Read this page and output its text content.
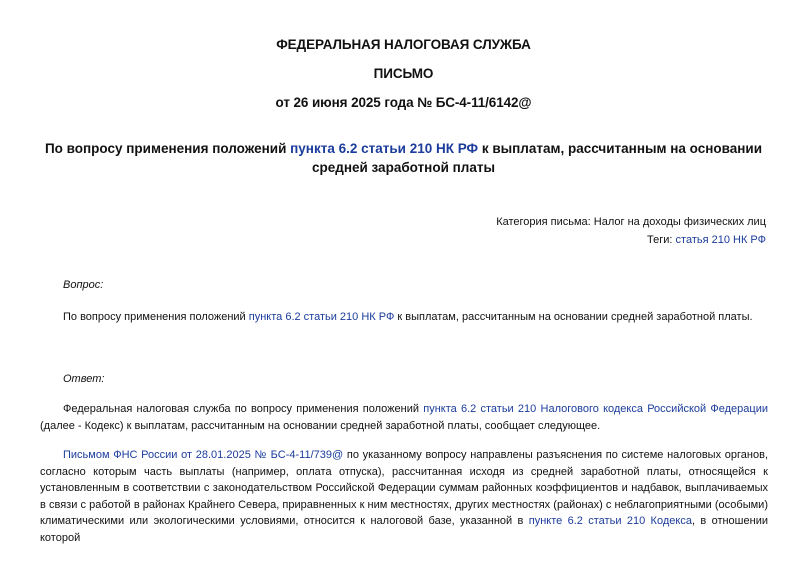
ФЕДЕРАЛЬНАЯ НАЛОГОВАЯ СЛУЖБА
ПИСЬМО
от 26 июня 2025 года № БС-4-11/6142@
По вопросу применения положений пункта 6.2 статьи 210 НК РФ к выплатам, рассчитанным на основании средней заработной платы
Категория письма: Налог на доходы физических лиц
Теги: статья 210 НК РФ
Вопрос:
По вопросу применения положений пункта 6.2 статьи 210 НК РФ к выплатам, рассчитанным на основании средней заработной платы.
Ответ:
Федеральная налоговая служба по вопросу применения положений пункта 6.2 статьи 210 Налогового кодекса Российской Федерации (далее - Кодекс) к выплатам, рассчитанным на основании средней заработной платы, сообщает следующее.
Письмом ФНС России от 28.01.2025 № БС-4-11/739@ по указанному вопросу направлены разъяснения по системе налоговых органов, согласно которым часть выплаты (например, оплата отпуска), рассчитанная исходя из средней заработной платы, относящейся к установленным в соответствии с законодательством Российской Федерации суммам районных коэффициентов и надбавок, выплачиваемых в связи с работой в районах Крайнего Севера, приравненных к ним местностях, других местностях (районах) с неблагоприятными (особыми) климатическими или экологическими условиями, относится к налоговой базе, указанной в пункте 6.2 статьи 210 Кодекса, в отношении которой
